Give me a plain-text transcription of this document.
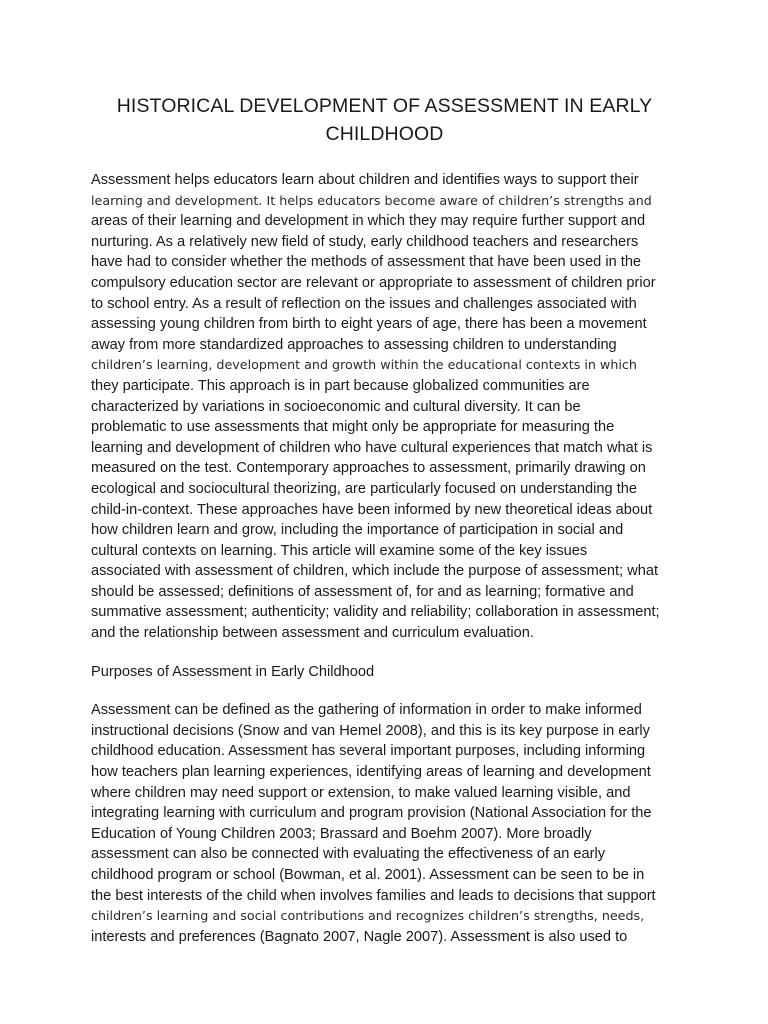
HISTORICAL DEVELOPMENT OF ASSESSMENT IN EARLY
CHILDHOOD
Assessment helps educators learn about children and identifies ways to support their
learning and development. It helps educators become aware of children’s strengths and
areas of their learning and development in which they may require further support and
nurturing. As a relatively new field of study, early childhood teachers and researchers
have had to consider whether the methods of assessment that have been used in the
compulsory education sector are relevant or appropriate to assessment of children prior
to school entry. As a result of reflection on the issues and challenges associated with
assessing young children from birth to eight years of age, there has been a movement
away from more standardized approaches to assessing children to understanding
children’s learning, development and growth within the educational contexts in which
they participate. This approach is in part because globalized communities are
characterized by variations in socioeconomic and cultural diversity. It can be
problematic to use assessments that might only be appropriate for measuring the
learning and development of children who have cultural experiences that match what is
measured on the test. Contemporary approaches to assessment, primarily drawing on
ecological and sociocultural theorizing, are particularly focused on understanding the
child-in-context. These approaches have been informed by new theoretical ideas about
how children learn and grow, including the importance of participation in social and
cultural contexts on learning. This article will examine some of the key issues
associated with assessment of children, which include the purpose of assessment; what
should be assessed; definitions of assessment of, for and as learning; formative and
summative assessment; authenticity; validity and reliability; collaboration in assessment;
and the relationship between assessment and curriculum evaluation.
Purposes of Assessment in Early Childhood
Assessment can be defined as the gathering of information in order to make informed
instructional decisions (Snow and van Hemel 2008), and this is its key purpose in early
childhood education. Assessment has several important purposes, including informing
how teachers plan learning experiences, identifying areas of learning and development
where children may need support or extension, to make valued learning visible, and
integrating learning with curriculum and program provision (National Association for the
Education of Young Children 2003; Brassard and Boehm 2007). More broadly
assessment can also be connected with evaluating the effectiveness of an early
childhood program or school (Bowman, et al. 2001). Assessment can be seen to be in
the best interests of the child when involves families and leads to decisions that support
children’s learning and social contributions and recognizes children’s strengths, needs,
interests and preferences (Bagnato 2007, Nagle 2007). Assessment is also used to
